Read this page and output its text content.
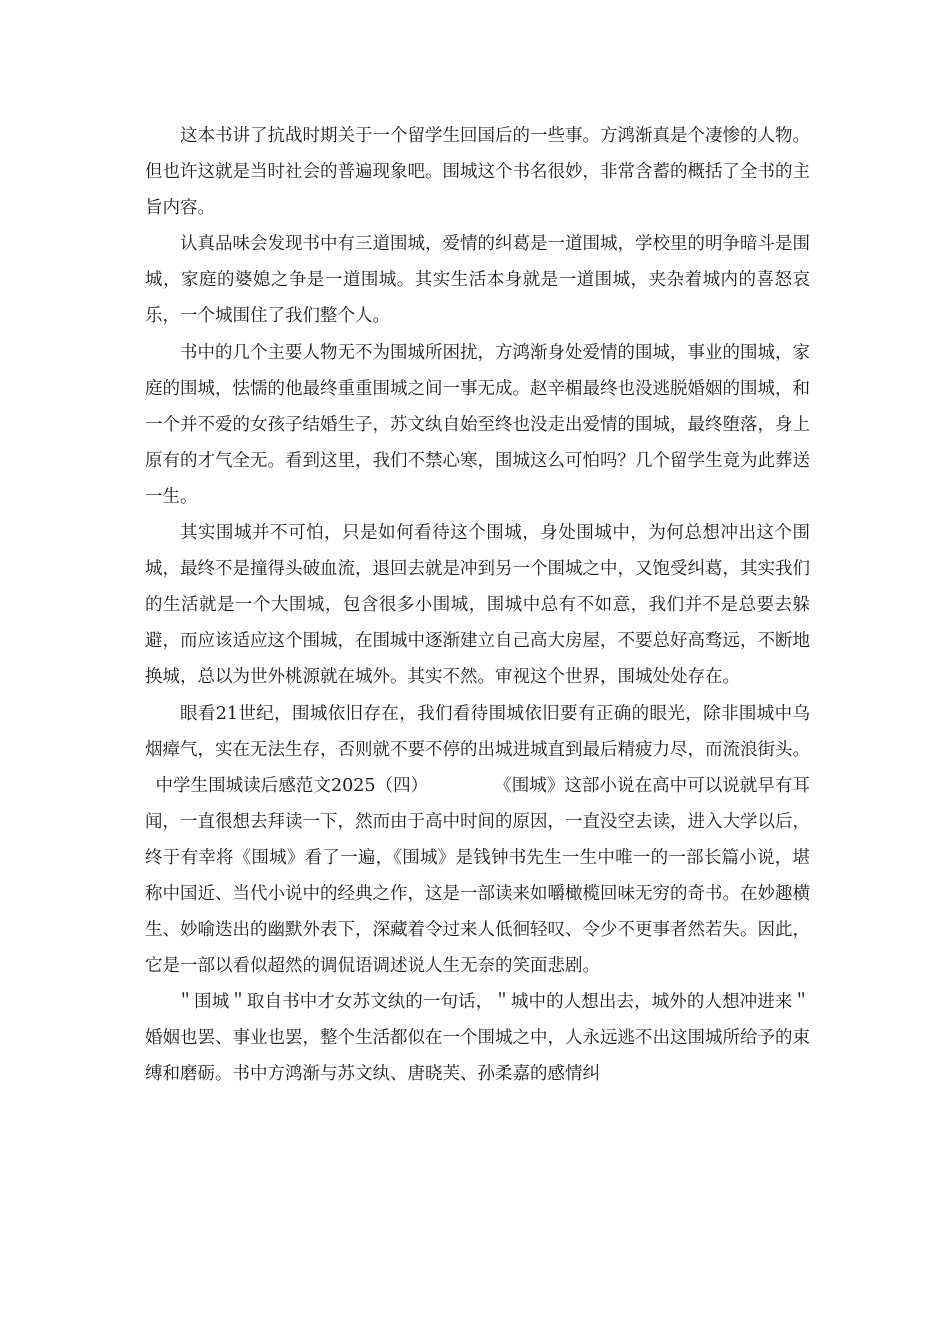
这本书讲了抗战时期关于一个留学生回国后的一些事。方鸿渐真是个凄惨的人物。但也许这就是当时社会的普遍现象吧。围城这个书名很妙，非常含蓄的概括了全书的主旨内容。

认真品味会发现书中有三道围城，爱情的纠葛是一道围城，学校里的明争暗斗是围城，家庭的婆媳之争是一道围城。其实生活本身就是一道围城，夹杂着城内的喜怒哀乐，一个城围住了我们整个人。

书中的几个主要人物无不为围城所困扰，方鸿渐身处爱情的围城，事业的围城，家庭的围城，怯懦的他最终重重围城之间一事无成。赵辛楣最终也没逃脱婚姻的围城，和一个并不爱的女孩子结婚生子，苏文纨自始至终也没走出爱情的围城，最终堕落，身上原有的才气全无。看到这里，我们不禁心寒，围城这么可怕吗？几个留学生竟为此葬送一生。

其实围城并不可怕，只是如何看待这个围城，身处围城中，为何总想冲出这个围城，最终不是撞得头破血流，退回去就是冲到另一个围城之中，又饱受纠葛，其实我们的生活就是一个大围城，包含很多小围城，围城中总有不如意，我们并不是总要去躲避，而应该适应这个围城，在围城中逐渐建立自己高大房屋，不要总好高骛远，不断地换城，总以为世外桃源就在城外。其实不然。审视这个世界，围城处处存在。

眼看21世纪，围城依旧存在，我们看待围城依旧要有正确的眼光，除非围城中乌烟瘴气，实在无法生存，否则就不要不停的出城进城直到最后精疲力尽，而流浪街头。

中学生围城读后感范文2025（四）	《围城》这部小说在高中可以说就早有耳闻，一直很想去拜读一下，然而由于高中时间的原因，一直没空去读，进入大学以后，终于有幸将《围城》看了一遍，《围城》是钱钟书先生一生中唯一的一部长篇小说，堪称中国近、当代小说中的经典之作，这是一部读来如嚼橄榄回味无穷的奇书。在妙趣横生、妙喻迭出的幽默外表下，深藏着令过来人低徊轻叹、令少不更事者然若失。因此，它是一部以看似超然的调侃语调述说人生无奈的笑面悲剧。

＂围城＂取自书中才女苏文纨的一句话，＂城中的人想出去，城外的人想冲进来＂婚姻也罢、事业也罢，整个生活都似在一个围城之中，人永远逃不出这围城所给予的束缚和磨砺。书中方鸿渐与苏文纨、唐晓芙、孙柔嘉的感情纠
